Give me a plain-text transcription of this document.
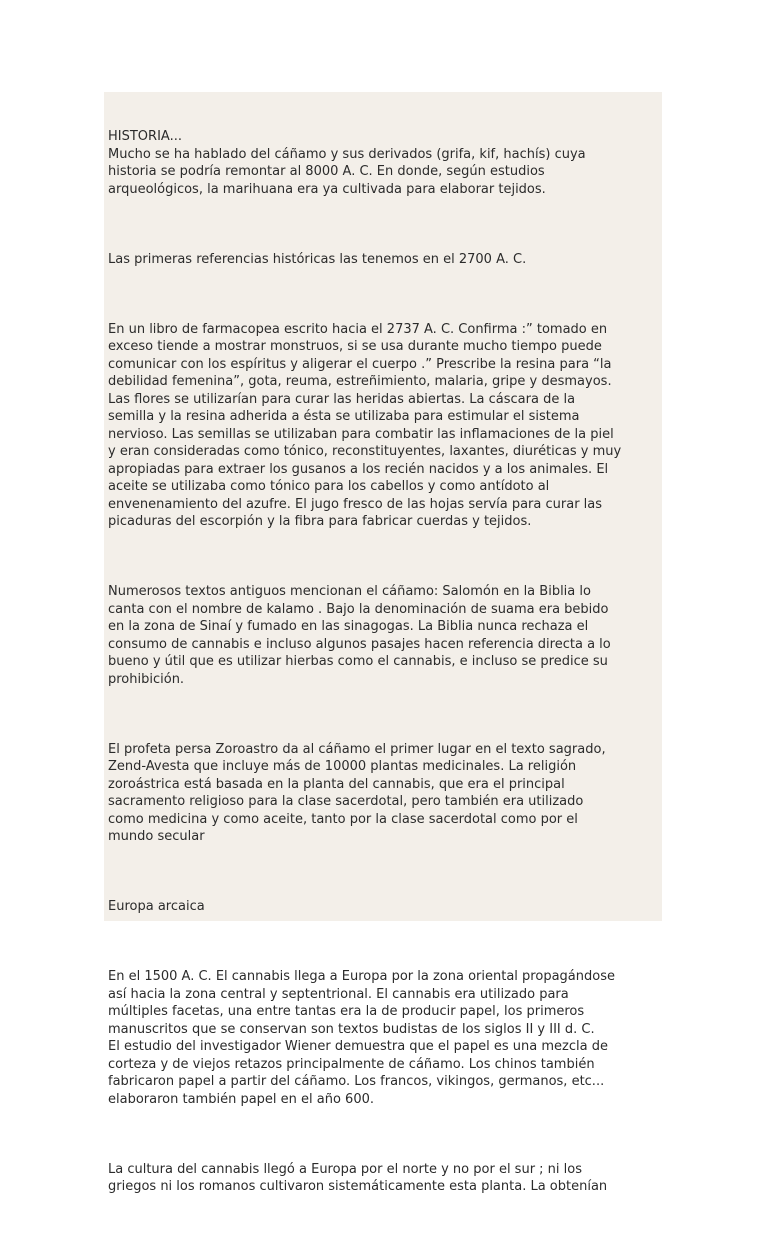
HISTORIA...
Mucho se ha hablado del cáñamo y sus derivados (grifa, kif, hachís) cuya
historia se podría remontar al 8000 A. C. En donde, según estudios
arqueológicos, la marihuana era ya cultivada para elaborar tejidos.

Las primeras referencias históricas las tenemos en el 2700 A. C.

En un libro de farmacopea escrito hacia el 2737 A. C. Confirma :” tomado en
exceso tiende a mostrar monstruos, si se usa durante mucho tiempo puede
comunicar con los espíritus y aligerar el cuerpo .” Prescribe la resina para “la
debilidad femenina”, gota, reuma, estreñimiento, malaria, gripe y desmayos.
Las flores se utilizarían para curar las heridas abiertas. La cáscara de la
semilla y la resina adherida a ésta se utilizaba para estimular el sistema
nervioso. Las semillas se utilizaban para combatir las inflamaciones de la piel
y eran consideradas como tónico, reconstituyentes, laxantes, diuréticas y muy
apropiadas para extraer los gusanos a los recién nacidos y a los animales. El
aceite se utilizaba como tónico para los cabellos y como antídoto al
envenenamiento del azufre. El jugo fresco de las hojas servía para curar las
picaduras del escorpión y la fibra para fabricar cuerdas y tejidos.

Numerosos textos antiguos mencionan el cáñamo: Salomón en la Biblia lo
canta con el nombre de kalamo . Bajo la denominación de suama era bebido
en la zona de Sinaí y fumado en las sinagogas. La Biblia nunca rechaza el
consumo de cannabis e incluso algunos pasajes hacen referencia directa a lo
bueno y útil que es utilizar hierbas como el cannabis, e incluso se predice su
prohibición.

El profeta persa Zoroastro da al cáñamo el primer lugar en el texto sagrado,
Zend-Avesta que incluye más de 10000 plantas medicinales. La religión
zoroástrica está basada en la planta del cannabis, que era el principal
sacramento religioso para la clase sacerdotal, pero también era utilizado
como medicina y como aceite, tanto por la clase sacerdotal como por el
mundo secular

Europa arcaica

En el 1500 A. C. El cannabis llega a Europa por la zona oriental propagándose
así hacia la zona central y septentrional. El cannabis era utilizado para
múltiples facetas, una entre tantas era la de producir papel, los primeros
manuscritos que se conservan son textos budistas de los siglos II y III d. C.
El estudio del investigador Wiener demuestra que el papel es una mezcla de
corteza y de viejos retazos principalmente de cáñamo. Los chinos también
fabricaron papel a partir del cáñamo. Los francos, vikingos, germanos, etc...
elaboraron también papel en el año 600.

La cultura del cannabis llegó a Europa por el norte y no por el sur ; ni los
griegos ni los romanos cultivaron sistemáticamente esta planta. La obtenían
